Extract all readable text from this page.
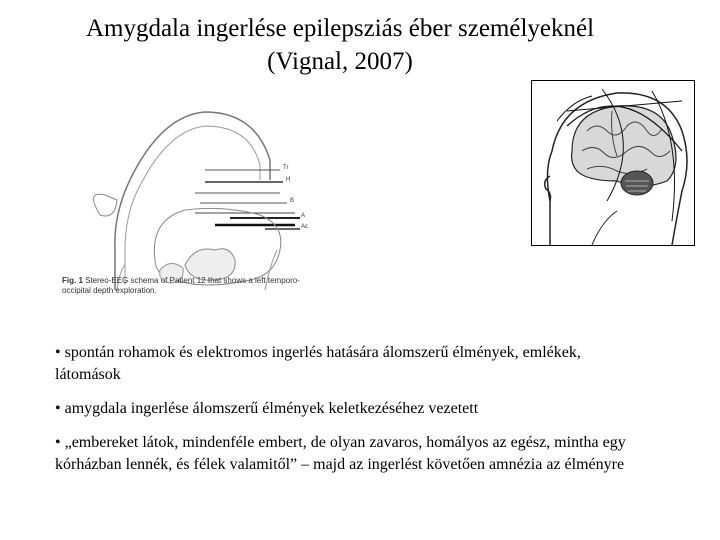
Amygdala ingerlése epilepsziás éber személyeknél
(Vignal, 2007)
Tr
H
B
A
Ac
Fig. 1 Stereo-EEG schema of Patient 12 that shows a left temporo-occipital depth exploration.

• spontán rohamok és elektromos ingerlés hatására álomszerű élmények, emlékek, látomások

• amygdala ingerlése álomszerű élmények keletkezéséhez vezetett

• „embereket látok, mindenféle embert, de olyan zavaros, homályos az egész, mintha egy kórházban lennék, és félek valamitől” – majd az ingerlést követően amnézia az élményre
